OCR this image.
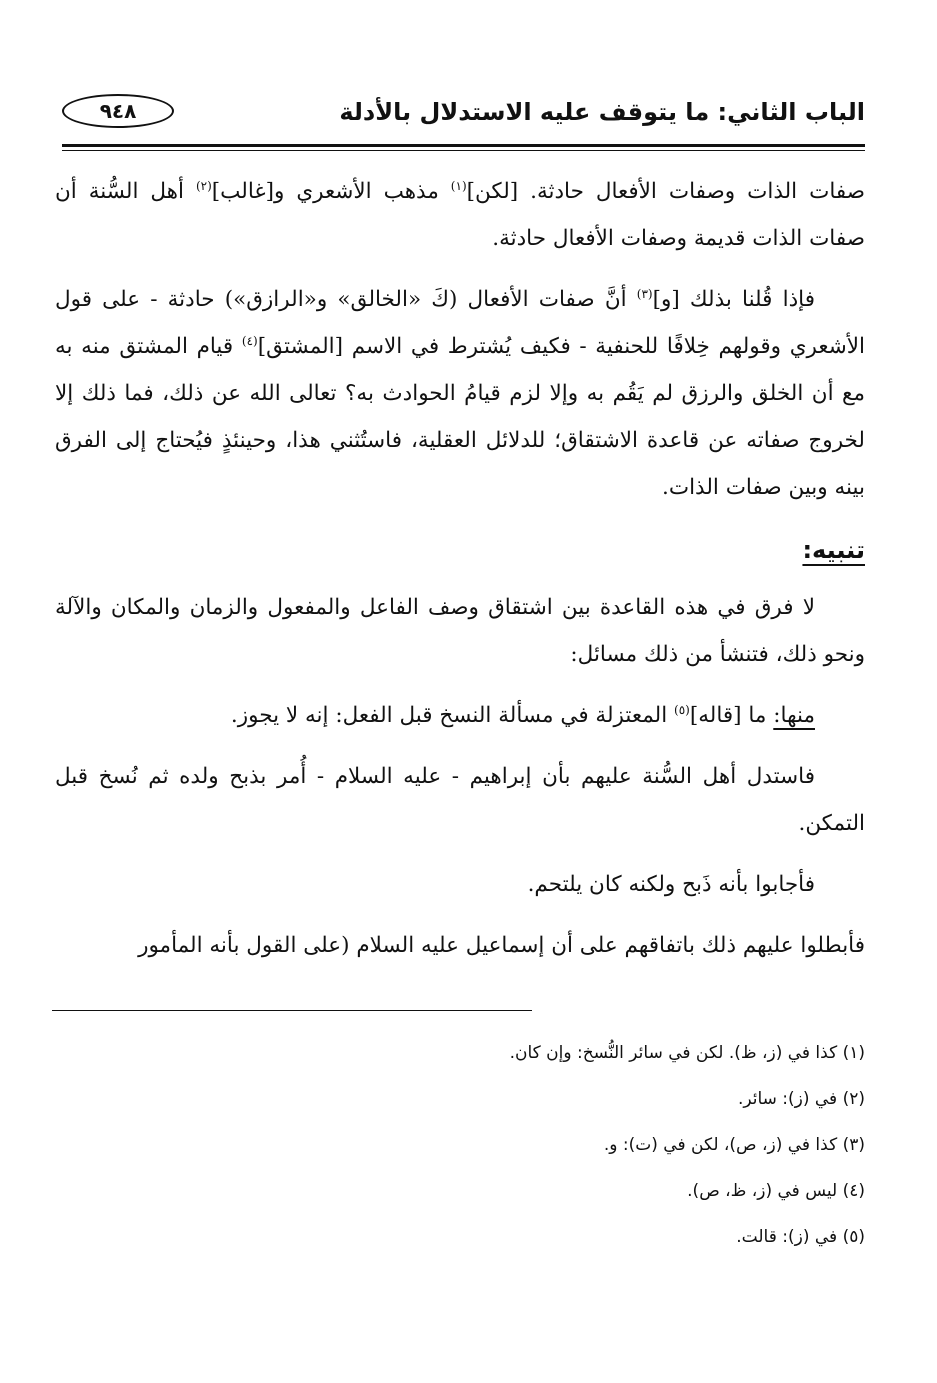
الباب الثاني: ما يتوقف عليه الاستدلال بالأدلة
٩٤٨

صفات الذات وصفات الأفعال حادثة. [لكن]$^{(١)}$ مذهب الأشعري و[غالب]$^{(٢)}$ أهل السُّنة أن صفات الذات قديمة وصفات الأفعال حادثة.

فإذا قُلنا بذلك [و]$^{(٣)}$ أنَّ صفات الأفعال (كَ «الخالق» و«الرازق») حادثة - على قول الأشعري وقولهم خِلافًا للحنفية - فكيف يُشترط في الاسم [المشتق]$^{(٤)}$ قيام المشتق منه به مع أن الخلق والرزق لم يَقُم به وإلا لزم قيامُ الحوادث به؟ تعالى الله عن ذلك، فما ذلك إلا لخروج صفاته عن قاعدة الاشتقاق؛ للدلائل العقلية، فاستُثني هذا، وحينئذٍ فيُحتاج إلى الفرق بينه وبين صفات الذات.

تنبيه:

لا فرق في هذه القاعدة بين اشتقاق وصف الفاعل والمفعول والزمان والمكان والآلة ونحو ذلك، فتنشأ من ذلك مسائل:

منها: ما [قاله]$^{(٥)}$ المعتزلة في مسألة النسخ قبل الفعل: إنه لا يجوز.

فاستدل أهل السُّنة عليهم بأن إبراهيم - عليه السلام - أُمر بذبح ولده ثم نُسخ قبل التمكن.

فأجابوا بأنه ذَبح ولكنه كان يلتحم.

فأبطلوا عليهم ذلك باتفاقهم على أن إسماعيل عليه السلام (على القول بأنه المأمور

(١) كذا في (ز، ظ). لكن في سائر النُّسخ: وإن كان.
(٢) في (ز): سائر.
(٣) كذا في (ز، ص)، لكن في (ت): و.
(٤) ليس في (ز، ظ، ص).
(٥) في (ز): قالت.
